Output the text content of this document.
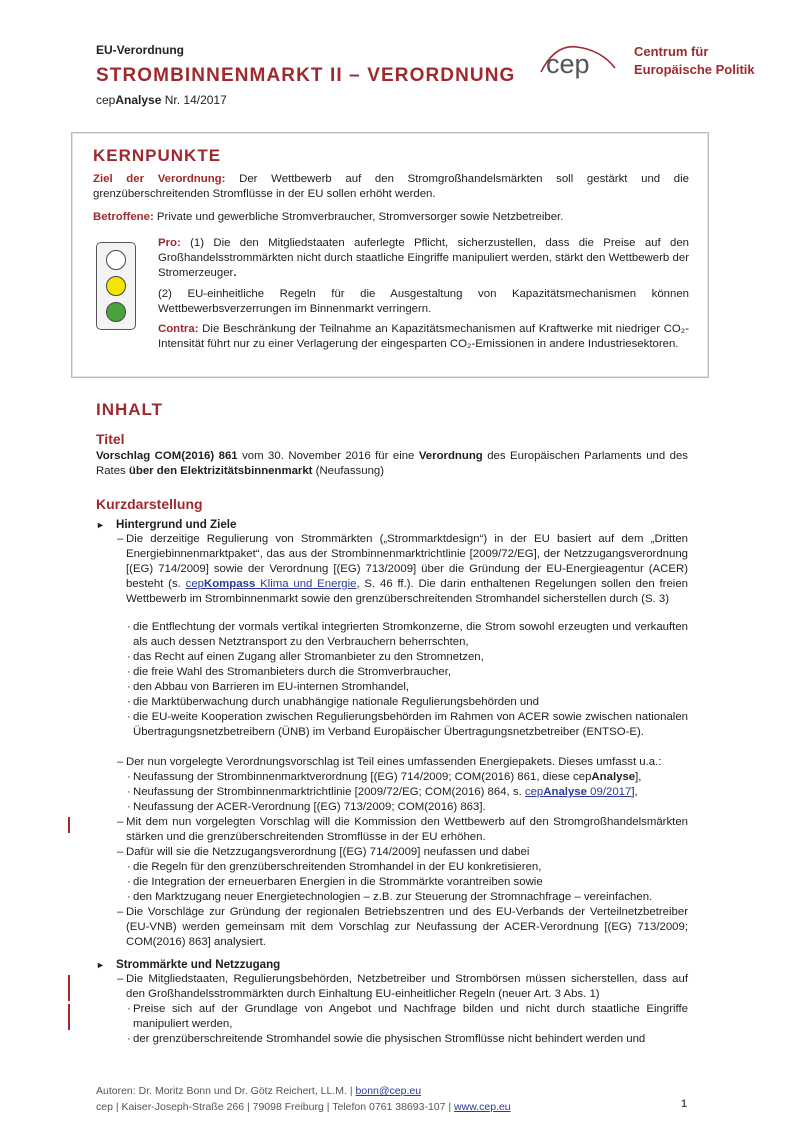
EU-Verordnung
STROMBINNENMARKT II – VERORDNUNG
cepAnalyse Nr. 14/2017
cep	Centrum für
Europäische Politik
KERNPUNKTE
Ziel der Verordnung: Der Wettbewerb auf den Stromgroßhandelsmärkten soll gestärkt und die grenzüberschreitenden Stromflüsse in der EU sollen erhöht werden.
Betroffene: Private und gewerbliche Stromverbraucher, Stromversorger sowie Netzbetreiber.
Pro: (1) Die den Mitgliedstaaten auferlegte Pflicht, sicherzustellen, dass die Preise auf den Großhandelsstrommärkten nicht durch staatliche Eingriffe manipuliert werden, stärkt den Wettbewerb der Stromerzeuger.
(2) EU-einheitliche Regeln für die Ausgestaltung von Kapazitätsmechanismen können Wettbewerbsverzerrungen im Binnenmarkt verringern.
Contra: Die Beschränkung der Teilnahme an Kapazitätsmechanismen auf Kraftwerke mit niedriger CO₂-Intensität führt nur zu einer Verlagerung der eingesparten CO₂-Emissionen in andere Industriesektoren.
INHALT
Titel
Vorschlag COM(2016) 861 vom 30. November 2016 für eine Verordnung des Europäischen Parlaments und des Rates über den Elektrizitätsbinnenmarkt (Neufassung)
Kurzdarstellung
► Hintergrund und Ziele
– Die derzeitige Regulierung von Strommärkten („Strommarktdesign“) in der EU basiert auf dem „Dritten Energiebinnenmarktpaket“, das aus der Strombinnenmarktrichtlinie [2009/72/EG], der Netzzugangsverordnung [(EG) 714/2009] sowie der Verordnung [(EG) 713/2009] über die Gründung der EU-Energieagentur (ACER) besteht (s. cepKompass Klima und Energie, S. 46 ff.). Die darin enthaltenen Regelungen sollen den freien Wettbewerb im Strombinnenmarkt sowie den grenzüberschreitenden Stromhandel sicherstellen durch (S. 3)
· die Entflechtung der vormals vertikal integrierten Stromkonzerne, die Strom sowohl erzeugten und verkauften als auch dessen Netztransport zu den Verbrauchern beherrschten,
· das Recht auf einen Zugang aller Stromanbieter zu den Stromnetzen,
· die freie Wahl des Stromanbieters durch die Stromverbraucher,
· den Abbau von Barrieren im EU-internen Stromhandel,
· die Marktüberwachung durch unabhängige nationale Regulierungsbehörden und
· die EU-weite Kooperation zwischen Regulierungsbehörden im Rahmen von ACER sowie zwischen nationalen Übertragungsnetzbetreibern (ÜNB) im Verband Europäischer Übertragungsnetzbetreiber (ENTSO-E).
– Der nun vorgelegte Verordnungsvorschlag ist Teil eines umfassenden Energiepakets. Dieses umfasst u.a.:
· Neufassung der Strombinnenmarktverordnung [(EG) 714/2009; COM(2016) 861, diese cepAnalyse],
· Neufassung der Strombinnenmarktrichtlinie [2009/72/EG; COM(2016) 864, s. cepAnalyse 09/2017],
· Neufassung der ACER-Verordnung [(EG) 713/2009; COM(2016) 863].
– Mit dem nun vorgelegten Vorschlag will die Kommission den Wettbewerb auf den Stromgroßhandelsmärkten stärken und die grenzüberschreitenden Stromflüsse in der EU erhöhen.
– Dafür will sie die Netzzugangsverordnung [(EG) 714/2009] neufassen und dabei
· die Regeln für den grenzüberschreitenden Stromhandel in der EU konkretisieren,
· die Integration der erneuerbaren Energien in die Strommärkte vorantreiben sowie
· den Marktzugang neuer Energietechnologien – z.B. zur Steuerung der Stromnachfrage – vereinfachen.
– Die Vorschläge zur Gründung der regionalen Betriebszentren und des EU-Verbands der Verteilnetzbetreiber (EU-VNB) werden gemeinsam mit dem Vorschlag zur Neufassung der ACER-Verordnung [(EG) 713/2009; COM(2016) 863] analysiert.
► Strommärkte und Netzzugang
– Die Mitgliedstaaten, Regulierungsbehörden, Netzbetreiber und Strombörsen müssen sicherstellen, dass auf den Großhandelsstrommärkten durch Einhaltung EU-einheitlicher Regeln (neuer Art. 3 Abs. 1)
· Preise sich auf der Grundlage von Angebot und Nachfrage bilden und nicht durch staatliche Eingriffe manipuliert werden,
· der grenzüberschreitende Stromhandel sowie die physischen Stromflüsse nicht behindert werden und
Autoren: Dr. Moritz Bonn und Dr. Götz Reichert, LL.M. | bonn@cep.eu
cep | Kaiser-Joseph-Straße 266 | 79098 Freiburg | Telefon 0761 38693-107 | www.cep.eu	1
